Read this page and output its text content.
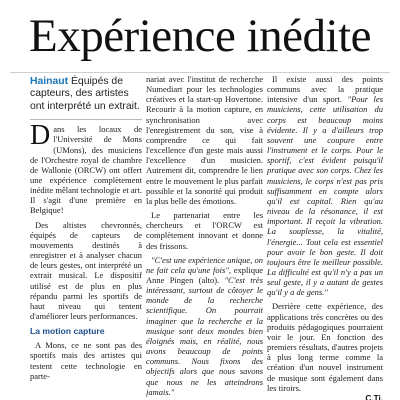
Expérience inédite
Hainaut Équipés de capteurs, des artistes ont interprété un extrait.
D ans les locaux de l'Université de Mons (UMons), des musiciens de l'Orchestre royal de chambre de Wallonie (ORCW) ont offert une expérience complètement inédite mêlant technologie et art. Il s'agit d'une première en Belgique!

Des altistes chevronnés, équipés de capteurs de mouvements destinés à enregistrer et à analyser chacun de leurs gestes, ont interprété un extrait musical. Le dispositif utilisé est de plus en plus répandu parmi les sportifs de haut niveau qui tentent d'améliorer leurs performances.

La motion capture

A Mons, ce ne sont pas des sportifs mais des artistes qui testent cette technologie en parte-

nariat avec l'institut de recherche Numediart pour les technologies créatives et la start-up Hovertone. Recourir à la motion capture, en synchronisation avec l'enregistrement du son, vise à comprendre ce qui fait l'excellence d'un geste mais aussi l'excellence d'un musicien. Autrement dit, comprendre le lien entre le mouvement le plus parfait possible et la sonorité qui produit la plus belle des émotions.

Le partenariat entre les chercheurs et l'ORCW est complètement innovant et donne des frissons.

"C'est une expérience unique, on ne fait cela qu'une fois", explique Anne Pingen (alto). "C'est très intéressant, surtout de côtoyer le monde de la recherche scientifique. On pourrait imaginer que la recherche et la musique sont deux mondes bien éloignés mais, en réalité, nous avons beaucoup de points communs. Nous fixons des objectifs alors que nous savons que nous ne les atteindrons jamais."

Il existe aussi des points communs avec la pratique intensive d'un sport. "Pour les musiciens, cette utilisation du corps est beaucoup moins évidente. Il y a d'ailleurs trop souvent une coupure entre l'instrument et le corps. Pour le sportif, c'est évident puisqu'il pratique avec son corps. Chez les musiciens, le corps n'est pas pris suffisamment en compte alors qu'il est capital. Rien qu'au niveau de la résonance, il est important. Il reçoit la vibration. La souplesse, la vitalité, l'énergie... Tout cela est essentiel pour avoir le bon geste. Il doit toujours être le meilleur possible. La difficulté est qu'il n'y a pas un seul geste, il y a autant de gestes qu'il y a de gens."

Derrière cette expérience, des applications très concrètes ou des produits pédagogiques pourraient voir le jour. En fonction des premiers résultats, d'autres projets à plus long terme comme la création d'un nouvel instrument de musique sont également dans les tiroirs.

C.Ti.
